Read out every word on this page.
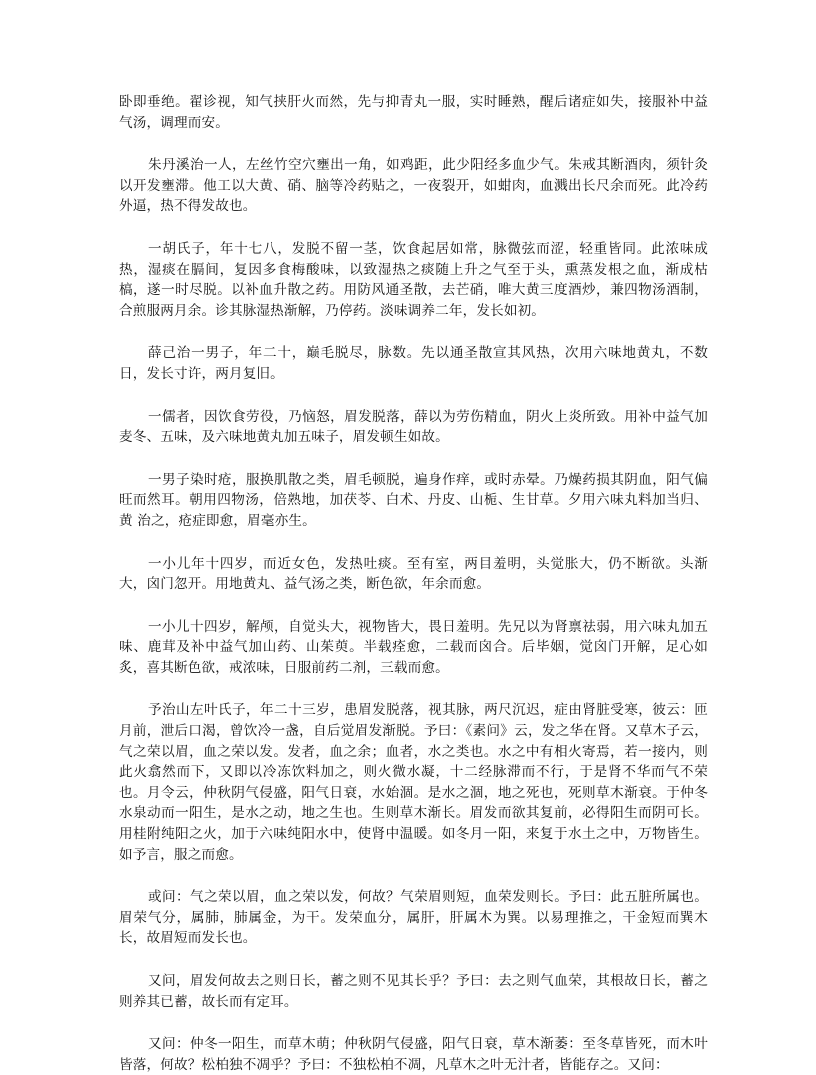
卧即垂绝。翟诊视，知气挟肝火而然，先与抑青丸一服，实时睡熟，醒后诸症如失，接服补中益气汤，调理而安。

朱丹溪治一人，左丝竹空穴壅出一角，如鸡距，此少阳经多血少气。朱戒其断酒肉，须针灸以开发壅滞。他工以大黄、硝、脑等冷药贴之，一夜裂开，如蚶肉，血溅出长尺余而死。此冷药外逼，热不得发故也。

一胡氏子，年十七八，发脱不留一茎，饮食起居如常，脉微弦而涩，轻重皆同。此浓味成热，湿痰在膈间，复因多食梅酸味，以致湿热之痰随上升之气至于头，熏蒸发根之血，渐成枯槁，遂一时尽脱。以补血升散之药。用防风通圣散，去芒硝，唯大黄三度酒炒，兼四物汤酒制，合煎服两月余。诊其脉湿热渐解，乃停药。淡味调养二年，发长如初。

薛己治一男子，年二十，巅毛脱尽，脉数。先以通圣散宣其风热，次用六味地黄丸，不数日，发长寸许，两月复旧。

一儒者，因饮食劳役，乃恼怒，眉发脱落，薛以为劳伤精血，阴火上炎所致。用补中益气加麦冬、五味，及六味地黄丸加五味子，眉发顿生如故。

一男子染时疮，服换肌散之类，眉毛顿脱，遍身作痒，或时赤晕。乃燥药损其阴血，阳气偏旺而然耳。朝用四物汤，倍熟地，加茯苓、白术、丹皮、山栀、生甘草。夕用六味丸料加当归、黄 治之，疮症即愈，眉毫亦生。

一小儿年十四岁，而近女色，发热吐痰。至有室，两目羞明，头觉胀大，仍不断欲。头渐大，囟门忽开。用地黄丸、益气汤之类，断色欲，年余而愈。

一小儿十四岁，解颅，自觉头大，视物皆大，畏日羞明。先兄以为肾禀祛弱，用六味丸加五味、鹿茸及补中益气加山药、山茱萸。半载痊愈，二载而囟合。后毕姻，觉囟门开解，足心如炙，喜其断色欲，戒浓味，日服前药二剂，三载而愈。

予治山左叶氏子，年二十三岁，患眉发脱落，视其脉，两尺沉迟，症由肾脏受寒，彼云：匝月前，泄后口渴，曾饮冷一盏，自后觉眉发渐脱。予曰：《素问》云，发之华在肾。又草木子云，气之荣以眉，血之荣以发。发者，血之余；血者，水之类也。水之中有相火寄焉，若一接内，则此火翕然而下，又即以冷冻饮料加之，则火微水凝，十二经脉滞而不行，于是肾不华而气不荣也。月令云，仲秋阴气侵盛，阳气日衰，水始涸。是水之涸，地之死也，死则草木渐衰。于仲冬水泉动而一阳生，是水之动，地之生也。生则草木渐长。眉发而欲其复前，必得阳生而阴可长。用桂附纯阳之火，加于六味纯阳水中，使肾中温暖。如冬月一阳，来复于水土之中，万物皆生。如予言，服之而愈。

或问：气之荣以眉，血之荣以发，何故？气荣眉则短，血荣发则长。予曰：此五脏所属也。眉荣气分，属肺，肺属金，为干。发荣血分，属肝，肝属木为巽。以易理推之，干金短而巽木长，故眉短而发长也。

又问，眉发何故去之则日长，蓄之则不见其长乎？予曰：去之则气血荣，其根故日长，蓄之则养其已蓄，故长而有定耳。

又问：仲冬一阳生，而草木萌；仲秋阴气侵盛，阳气日衰，草木渐萎：至冬草皆死，而木叶皆落，何故？松柏独不凋乎？予曰：不独松柏不凋，凡草木之叶无汁者，皆能存之。又问：
